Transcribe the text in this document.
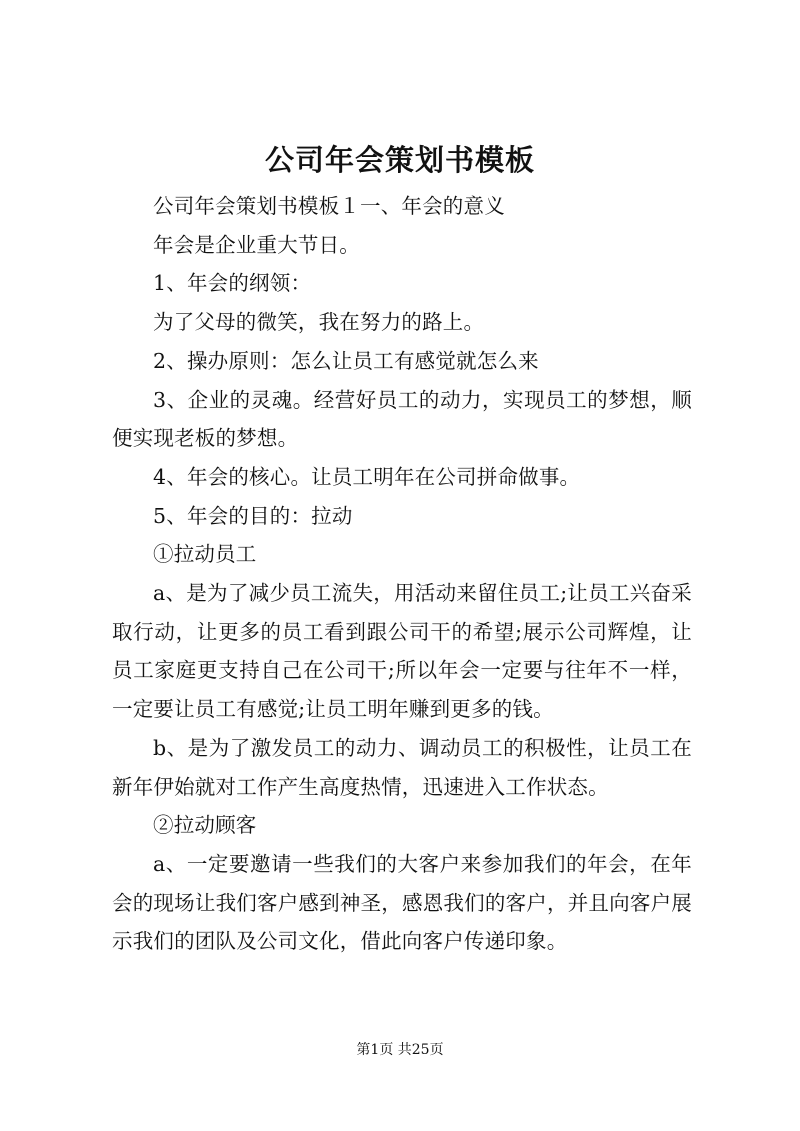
公司年会策划书模板

公司年会策划书模板１一、年会的意义

年会是企业重大节日。

1、年会的纲领：

为了父母的微笑，我在努力的路上。

2、操办原则：怎么让员工有感觉就怎么来

3、企业的灵魂。经营好员工的动力，实现员工的梦想，顺便实现老板的梦想。

4、年会的核心。让员工明年在公司拼命做事。

5、年会的目的：拉动

①拉动员工

a、是为了减少员工流失，用活动来留住员工;让员工兴奋采取行动，让更多的员工看到跟公司干的希望;展示公司辉煌，让员工家庭更支持自己在公司干;所以年会一定要与往年不一样，一定要让员工有感觉;让员工明年赚到更多的钱。

b、是为了激发员工的动力、调动员工的积极性，让员工在新年伊始就对工作产生高度热情，迅速进入工作状态。

②拉动顾客

a、一定要邀请一些我们的大客户来参加我们的年会，在年会的现场让我们客户感到神圣，感恩我们的客户，并且向客户展示我们的团队及公司文化，借此向客户传递印象。

第1页 共25页
